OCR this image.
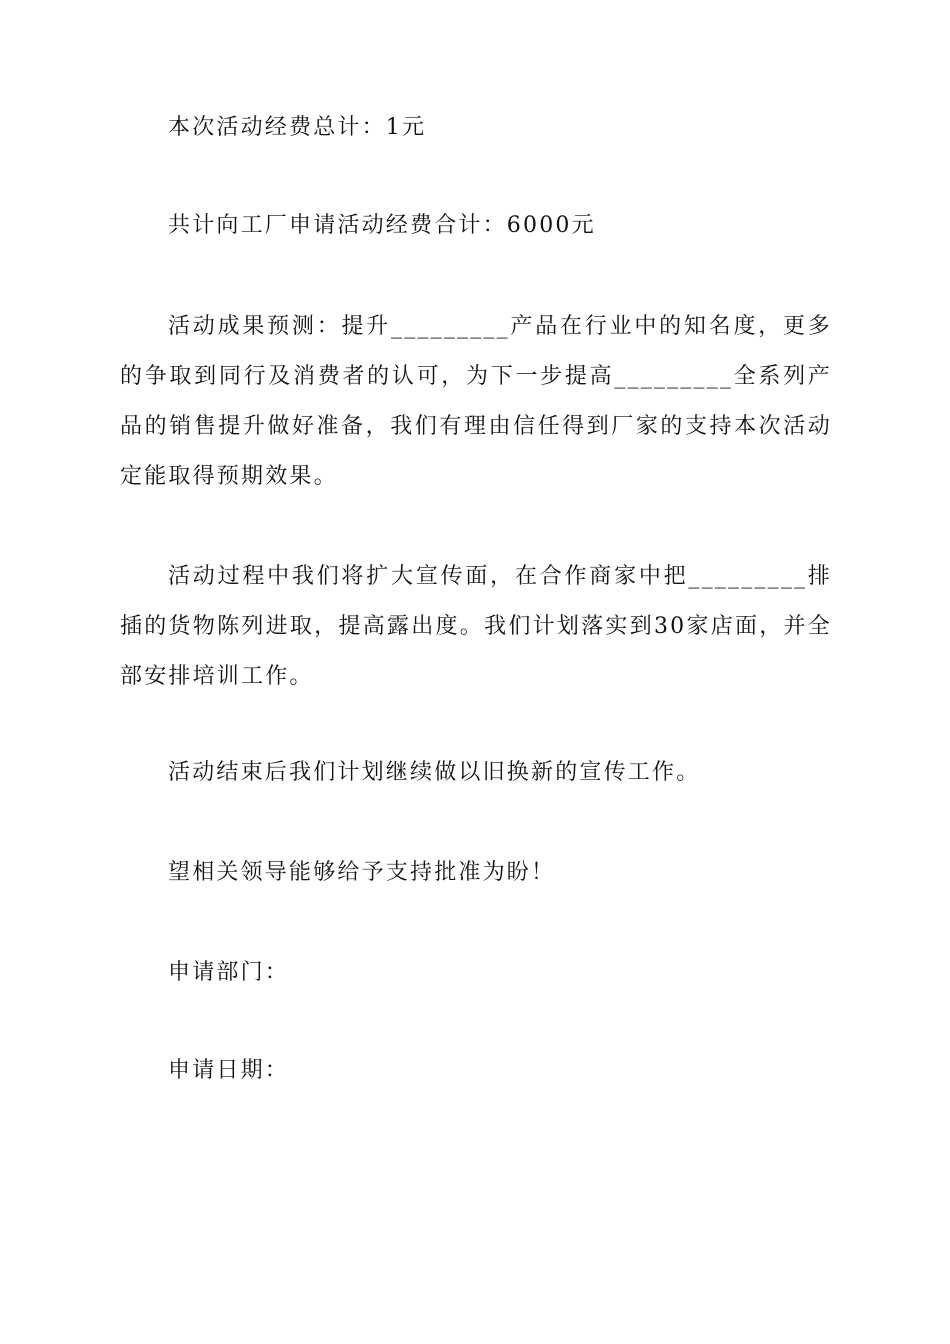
本次活动经费总计：1元

共计向工厂申请活动经费合计：6000元

活动成果预测：提升_________产品在行业中的知名度，更多的争取到同行及消费者的认可，为下一步提高_________全系列产品的销售提升做好准备，我们有理由信任得到厂家的支持本次活动定能取得预期效果。

活动过程中我们将扩大宣传面，在合作商家中把_________排插的货物陈列进取，提高露出度。我们计划落实到30家店面，并全部安排培训工作。

活动结束后我们计划继续做以旧换新的宣传工作。

望相关领导能够给予支持批准为盼！

申请部门：

申请日期：
